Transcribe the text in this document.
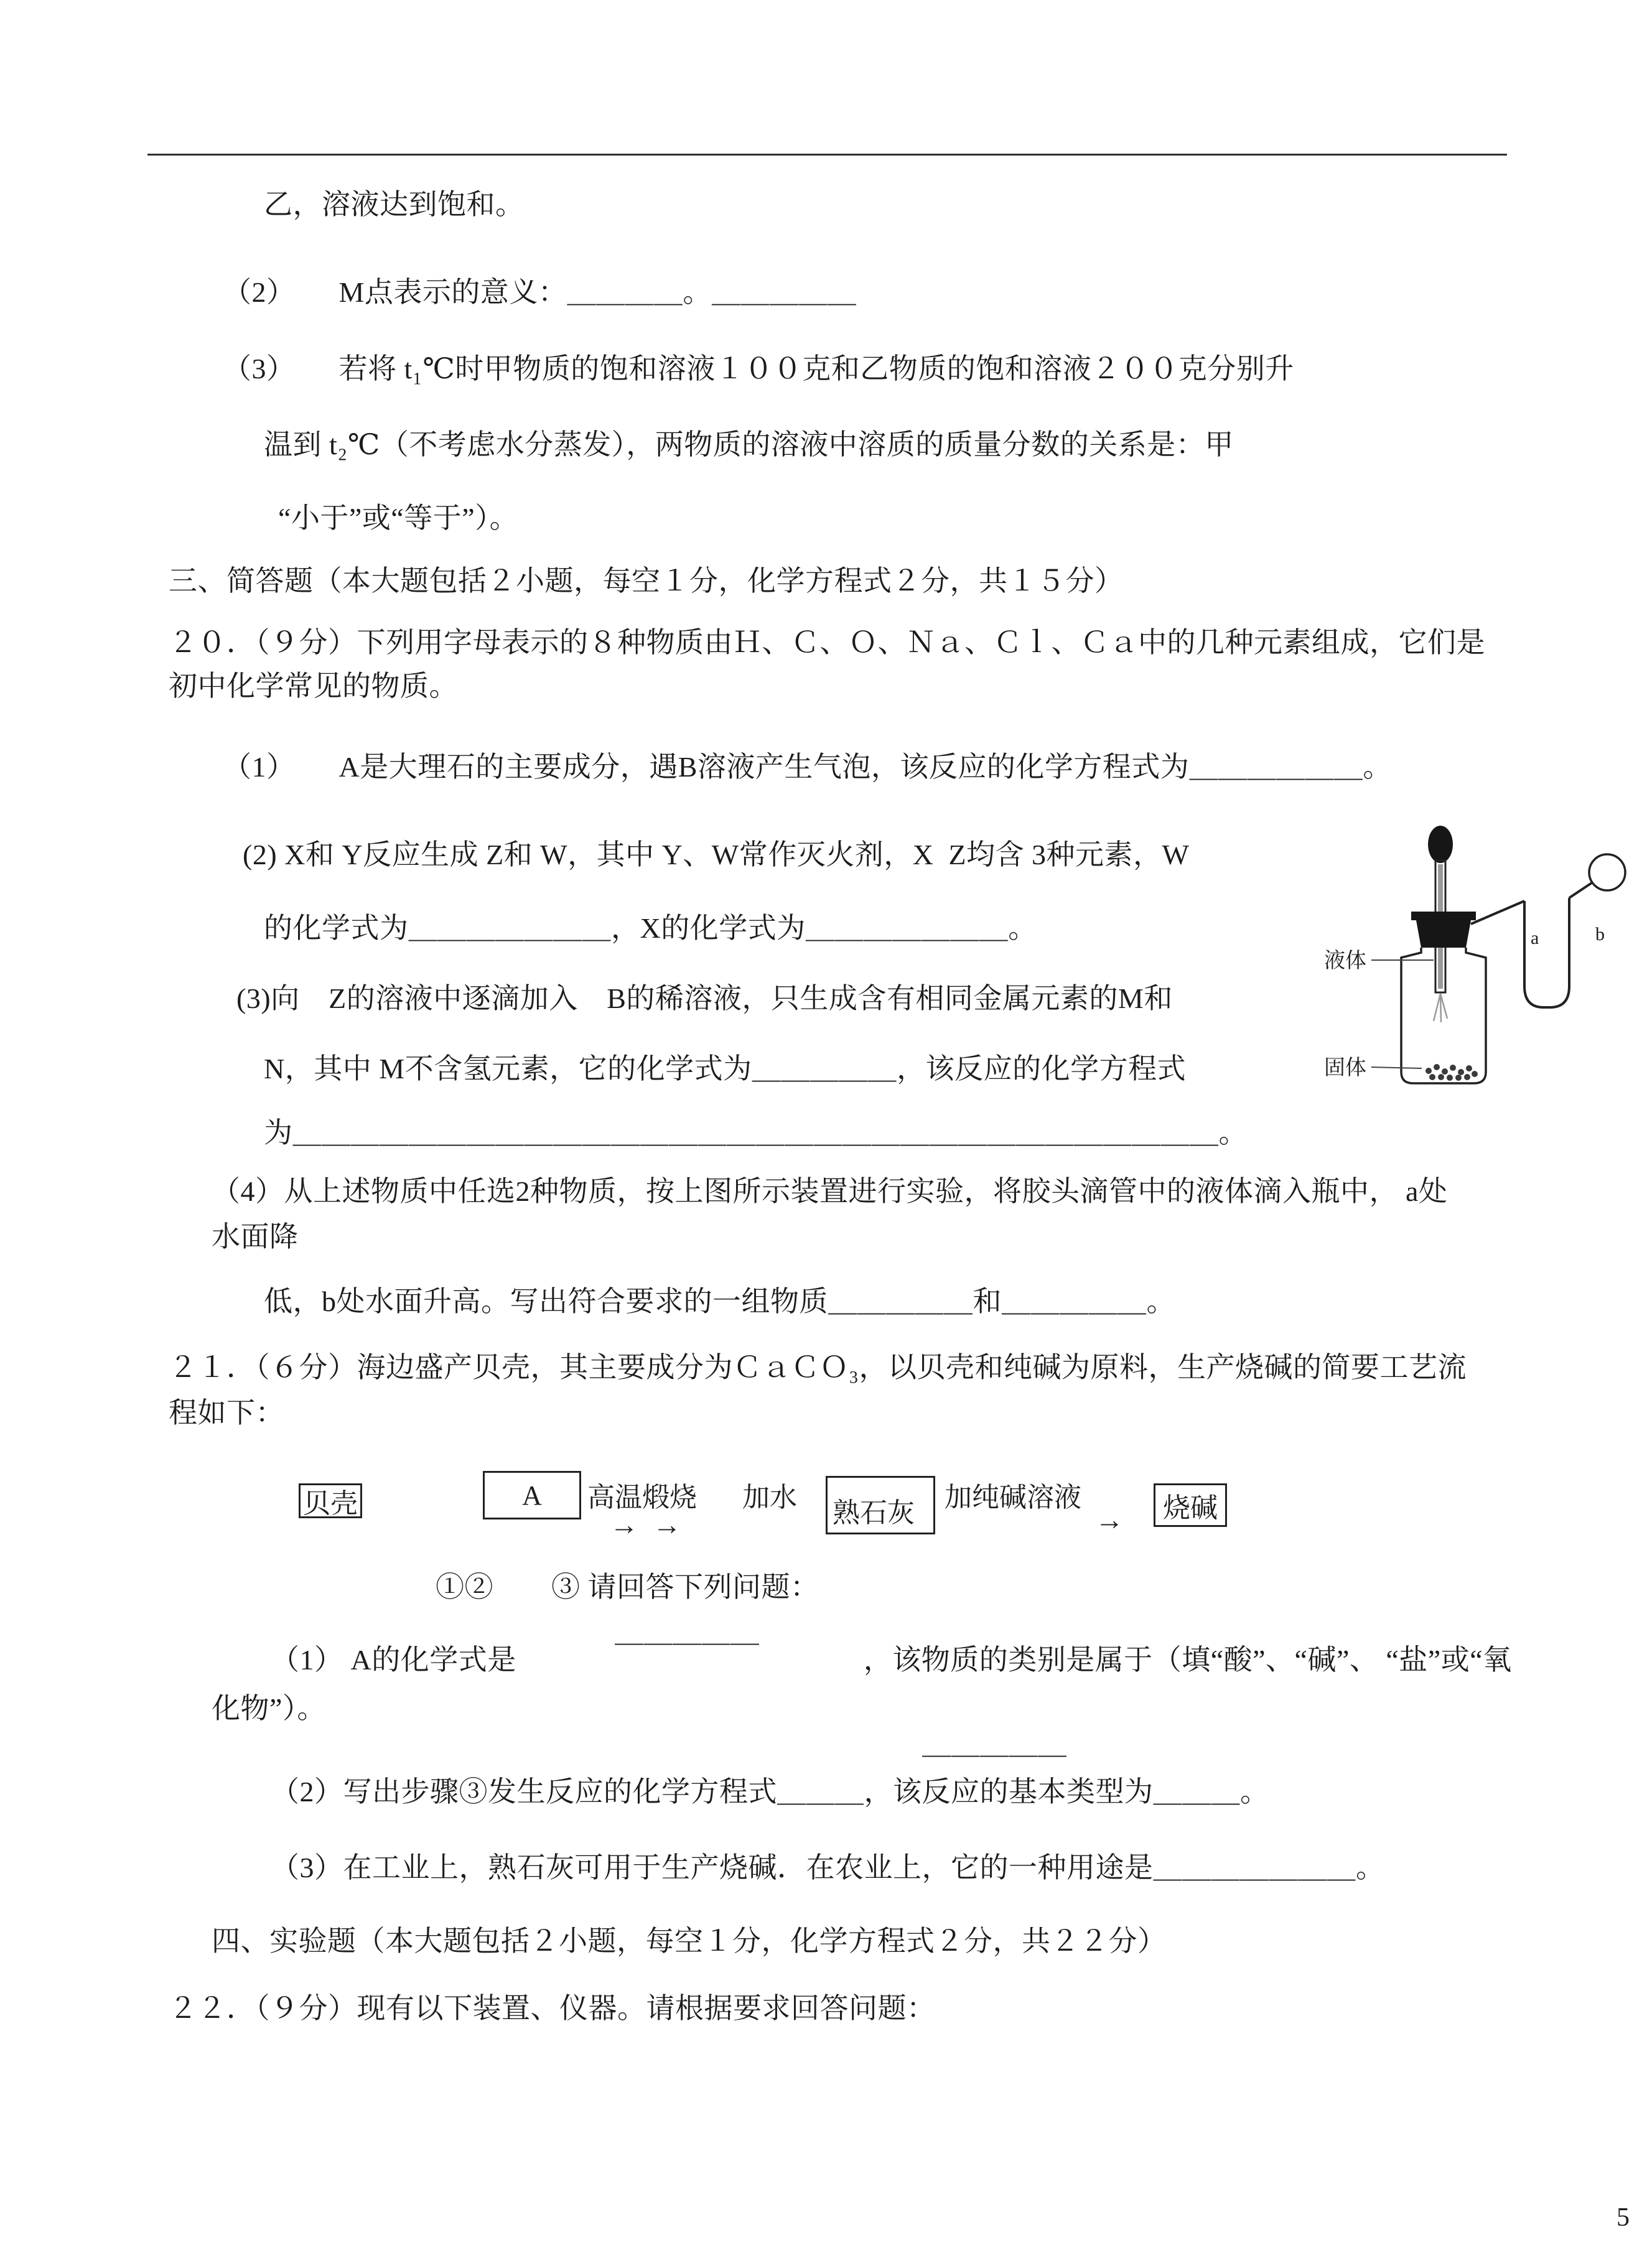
乙，溶液达到饱和。
（2）　　M点表示的意义：＿＿＿＿。＿＿＿＿＿
（3）　　若将 t₁℃时甲物质的饱和溶液１００克和乙物质的饱和溶液２００克分别升
温到 t₂℃（不考虑水分蒸发），两物质的溶液中溶质的质量分数的关系是：甲
“小于”或“等于”）。
三、简答题（本大题包括２小题，每空１分，化学方程式２分，共１５分）
２０．（９分）下列用字母表示的８种物质由Ｈ、Ｃ、Ｏ、Ｎａ、Ｃｌ、Ｃａ中的几种元素组成，它们是
初中化学常见的物质。
（1）　　A是大理石的主要成分，遇B溶液产生气泡，该反应的化学方程式为＿＿＿＿＿＿。
(2) X和 Y反应生成 Z和 W，其中 Y、W常作灭火剂，X  Z均含 3种元素，W
的化学式为＿＿＿＿＿＿＿，X的化学式为＿＿＿＿＿＿＿。
(3)向　Z的溶液中逐滴加入　B的稀溶液，只生成含有相同金属元素的M和
N，其中 M不含氢元素，它的化学式为＿＿＿＿＿，该反应的化学方程式
为＿＿＿＿＿＿＿＿＿＿＿＿＿＿＿＿＿＿＿＿＿＿＿＿＿＿＿＿＿＿＿＿。
（4）从上述物质中任选2种物质，按上图所示装置进行实验，将胶头滴管中的液体滴入瓶中， a处
水面降
低，b处水面升高。写出符合要求的一组物质＿＿＿＿＿和＿＿＿＿＿。
２１．（６分）海边盛产贝壳，其主要成分为ＣａＣＯ₃，以贝壳和纯碱为原料，生产烧碱的简要工艺流
程如下：
①②　　③ 请回答下列问题：
（1） A的化学式是　　　　　　　　　　　　，该物质的类别是属于（填“酸”、“碱”、 “盐”或“氧
化物”）。
（2）写出步骤③发生反应的化学方程式＿＿＿，该反应的基本类型为＿＿＿。
（3）在工业上，熟石灰可用于生产烧碱．在农业上，它的一种用途是＿＿＿＿＿＿＿。
四、实验题（本大题包括２小题，每空１分，化学方程式２分，共２２分）
２２．（９分）现有以下装置、仪器。请根据要求回答问题：
＿＿＿＿＿
＿＿＿＿＿
贝壳	A	高温煅烧
→  →
加水
熟石灰
加纯碱溶液
→	烧碱
液体
固体
a	b
5
